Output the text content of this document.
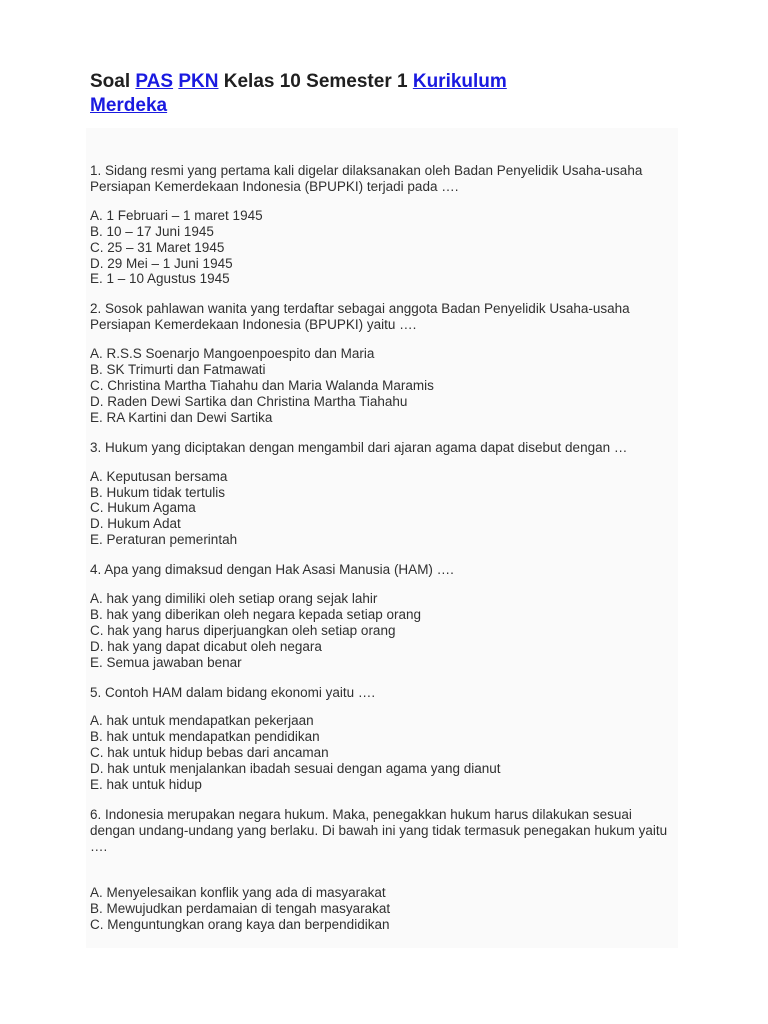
Soal PAS PKN Kelas 10 Semester 1 Kurikulum
Merdeka

1. Sidang resmi yang pertama kali digelar dilaksanakan oleh Badan Penyelidik Usaha-usaha Persiapan Kemerdekaan Indonesia (BPUPKI) terjadi pada ….

A. 1 Februari – 1 maret 1945
B. 10 – 17 Juni 1945
C. 25 – 31 Maret 1945
D. 29 Mei – 1 Juni 1945
E. 1 – 10 Agustus 1945

2. Sosok pahlawan wanita yang terdaftar sebagai anggota Badan Penyelidik Usaha-usaha Persiapan Kemerdekaan Indonesia (BPUPKI) yaitu ….

A. R.S.S Soenarjo Mangoenpoespito dan Maria
B. SK Trimurti dan Fatmawati
C. Christina Martha Tiahahu dan Maria Walanda Maramis
D. Raden Dewi Sartika dan Christina Martha Tiahahu
E. RA Kartini dan Dewi Sartika

3. Hukum yang diciptakan dengan mengambil dari ajaran agama dapat disebut dengan …

A. Keputusan bersama
B. Hukum tidak tertulis
C. Hukum Agama
D. Hukum Adat
E. Peraturan pemerintah

4. Apa yang dimaksud dengan Hak Asasi Manusia (HAM) ….

A. hak yang dimiliki oleh setiap orang sejak lahir
B. hak yang diberikan oleh negara kepada setiap orang
C. hak yang harus diperjuangkan oleh setiap orang
D. hak yang dapat dicabut oleh negara
E. Semua jawaban benar

5. Contoh HAM dalam bidang ekonomi yaitu ….

A. hak untuk mendapatkan pekerjaan
B. hak untuk mendapatkan pendidikan
C. hak untuk hidup bebas dari ancaman
D. hak untuk menjalankan ibadah sesuai dengan agama yang dianut
E. hak untuk hidup

6. Indonesia merupakan negara hukum. Maka, penegakkan hukum harus dilakukan sesuai dengan undang-undang yang berlaku. Di bawah ini yang tidak termasuk penegakan hukum yaitu ….

A. Menyelesaikan konflik yang ada di masyarakat
B. Mewujudkan perdamaian di tengah masyarakat
C. Menguntungkan orang kaya dan berpendidikan
